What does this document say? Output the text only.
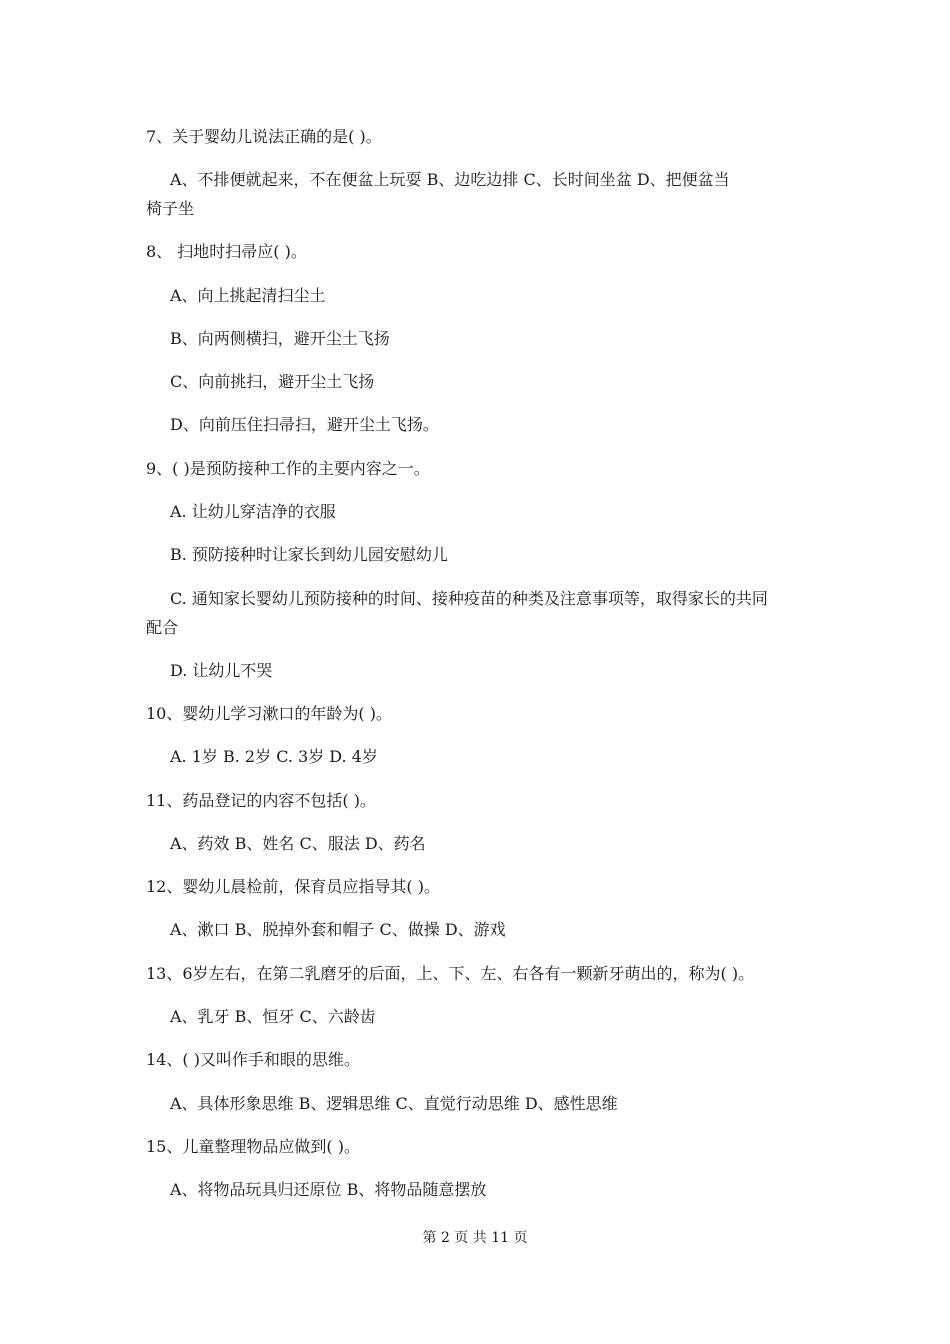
7、关于婴幼儿说法正确的是( )。
A、不排便就起来，不在便盆上玩耍 B、边吃边排 C、长时间坐盆 D、把便盆当
椅子坐
8、 扫地时扫帚应( )。
A、向上挑起清扫尘土
B、向两侧横扫，避开尘土飞扬
C、向前挑扫，避开尘土飞扬
D、向前压住扫帚扫，避开尘土飞扬。
9、( )是预防接种工作的主要内容之一。
A. 让幼儿穿洁净的衣服
B. 预防接种时让家长到幼儿园安慰幼儿
C. 通知家长婴幼儿预防接种的时间、接种疫苗的种类及注意事项等，取得家长的共同
配合
D. 让幼儿不哭
10、婴幼儿学习漱口的年龄为( )。
A. 1岁 B. 2岁 C. 3岁 D. 4岁
11、药品登记的内容不包括( )。
A、药效 B、姓名 C、服法 D、药名
12、婴幼儿晨检前，保育员应指导其( )。
A、漱口 B、脱掉外套和帽子 C、做操 D、游戏
13、6岁左右，在第二乳磨牙的后面，上、下、左、右各有一颗新牙萌出的，称为( )。
A、乳牙 B、恒牙 C、六龄齿
14、( )又叫作手和眼的思维。
A、具体形象思维 B、逻辑思维 C、直觉行动思维 D、感性思维
15、儿童整理物品应做到( )。
A、将物品玩具归还原位 B、将物品随意摆放
第 2 页 共 11 页
